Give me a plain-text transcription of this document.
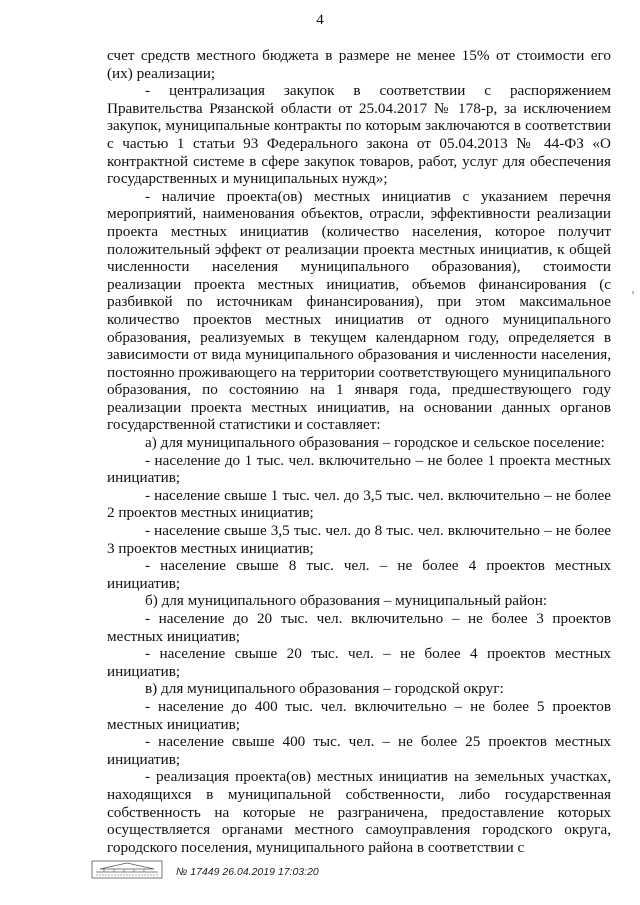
4

счет средств местного бюджета в размере не менее 15% от стоимости его (их) реализации;

- централизация закупок в соответствии с распоряжением Правительства Рязанской области от 25.04.2017 № 178-р, за исключением закупок, муниципальные контракты по которым заключаются в соответствии с частью 1 статьи 93 Федерального закона от 05.04.2013 № 44-ФЗ «О контрактной системе в сфере закупок товаров, работ, услуг для обеспечения государственных и муниципальных нужд»;

- наличие проекта(ов) местных инициатив с указанием перечня мероприятий, наименования объектов, отрасли, эффективности реализации проекта местных инициатив (количество населения, которое получит положительный эффект от реализации проекта местных инициатив, к общей численности населения муниципального образования), стоимости реализации проекта местных инициатив, объемов финансирования (с разбивкой по источникам финансирования), при этом максимальное количество проектов местных инициатив от одного муниципального образования, реализуемых в текущем календарном году, определяется в зависимости от вида муниципального образования и численности населения, постоянно проживающего на территории соответствующего муниципального образования, по состоянию на 1 января года, предшествующего году реализации проекта местных инициатив, на основании данных органов государственной статистики и составляет:

а) для муниципального образования – городское и сельское поселение:

- население до 1 тыс. чел. включительно – не более 1 проекта местных инициатив;

- население свыше 1 тыс. чел. до 3,5 тыс. чел. включительно – не более 2 проектов местных инициатив;

- население свыше 3,5 тыс. чел. до 8 тыс. чел. включительно – не более 3 проектов местных инициатив;

- население свыше 8 тыс. чел. – не более 4 проектов местных инициатив;

б) для муниципального образования – муниципальный район:

- население до 20 тыс. чел. включительно – не более 3 проектов местных инициатив;

- население свыше 20 тыс. чел. – не более 4 проектов местных инициатив;

в) для муниципального образования – городской округ:

- население до 400 тыс. чел. включительно – не более 5 проектов местных инициатив;

- население свыше 400 тыс. чел. – не более 25 проектов местных инициатив;

- реализация проекта(ов) местных инициатив на земельных участках, находящихся в муниципальной собственности, либо государственная собственность на которые не разграничена, предоставление которых осуществляется органами местного самоуправления городского округа, городского поселения, муниципального района в соответствии с

'
№ 17449 26.04.2019 17:03:20
